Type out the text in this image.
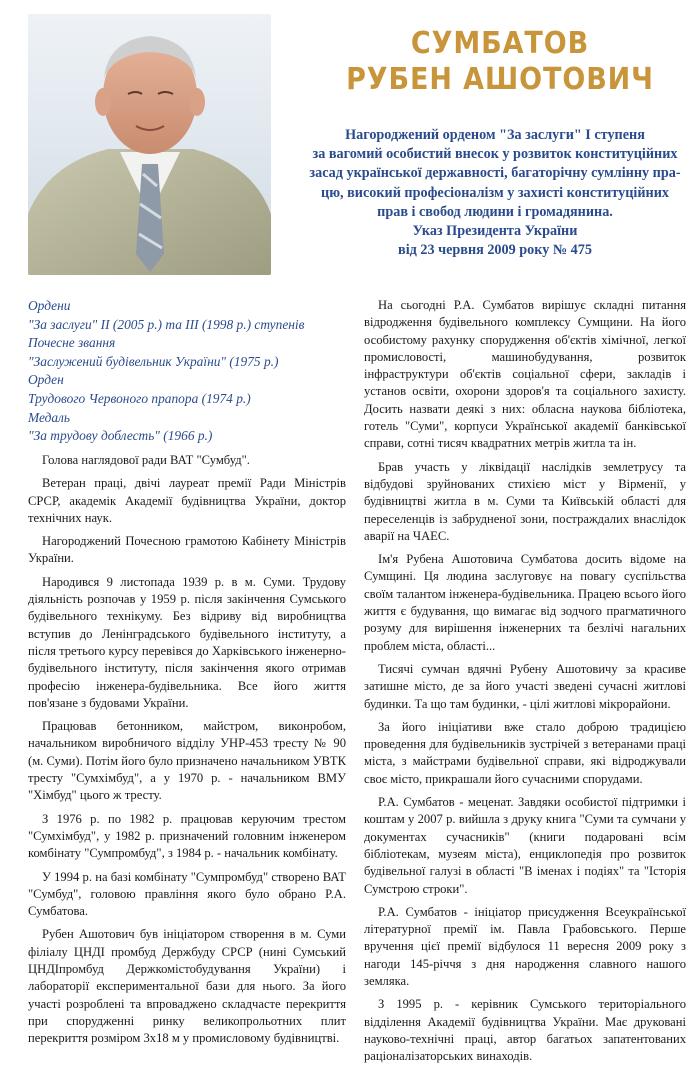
СУМБАТОВ
РУБЕН АШОТОВИЧ
Нагороджений орденом "За заслуги" I ступеня
за вагомий особистий внесок у розвиток конституційних
засад української державності, багаторічну сумлінну пра-
цю, високий професіоналізм у захисті конституційних
прав і свобод людини і громадянина.
Указ Президента України
від 23 червня 2009 року № 475
Ордени
"За заслуги" II (2005 р.) та III (1998 р.) ступенів
Почесне звання
"Заслужений будівельник України" (1975 р.)
Орден
Трудового Червоного прапора (1974 р.)
Медаль
"За трудову доблесть" (1966 р.)

Голова наглядової ради ВАТ "Сумбуд".

Ветеран праці, двічі лауреат премії Ради Міністрів СРСР, академік Академії будівництва України, доктор технічних наук.

Нагороджений Почесною грамотою Кабінету Міністрів України.

Народився 9 листопада 1939 р. в м. Суми. Трудову діяльність розпочав у 1959 р. після закінчення Сумського будівельного технікуму. Без відриву від виробництва вступив до Ленінградського будівельного інституту, а після третього курсу перевівся до Харківського інженерно-будівельного інституту, після закінчення якого отримав професію інженера-будівельника. Все його життя пов'язане з будовами України.

Працював бетонником, майстром, виконробом, начальником виробничого відділу УНР-453 тресту № 90 (м. Суми). Потім його було призначено начальником УВТК тресту "Сумхімбуд", а у 1970 р. - начальником ВМУ "Хімбуд" цього ж тресту.

З 1976 р. по 1982 р. працював керуючим трестом "Сумхімбуд", у 1982 р. призначений головним інженером комбінату "Сумпромбуд", з 1984 р. - начальник комбінату.

У 1994 р. на базі комбінату "Сумпромбуд" створено ВАТ "Сумбуд", головою правління якого було обрано Р.А. Сумбатова.

Рубен Ашотович був ініціатором створення в м. Суми філіалу ЦНДІ промбуд Держбуду СРСР (нині Сумський ЦНДІпромбуд Держкомістобудування України) і лабораторії експериментальної бази для нього. За його участі розроблені та впроваджено складчасте перекриття при спорудженні ринку великопрольотних плит перекриття розміром 3х18 м у промисловому будівництві.

На сьогодні Р.А. Сумбатов вирішує складні питання відродження будівельного комплексу Сумщини. На його особистому рахунку спорудження об'єктів хімічної, легкої промисловості, машинобудування, розвиток інфраструктури об'єктів соціальної сфери, закладів і установ освіти, охорони здоров'я та соціального захисту. Досить назвати деякі з них: обласна наукова бібліотека, готель "Суми", корпуси Української академії банківської справи, сотні тисяч квадратних метрів житла та ін.

Брав участь у ліквідації наслідків землетрусу та відбудові зруйнованих стихією міст у Вірменії, у будівництві житла в м. Суми та Київській області для переселенців із забрудненої зони, постраждалих внаслідок аварії на ЧАЕС.

Ім'я Рубена Ашотовича Сумбатова досить відоме на Сумщині. Ця людина заслуговує на повагу суспільства своїм талантом інженера-будівельника. Працею всього його життя є будування, що вимагає від зодчого прагматичного розуму для вирішення інженерних та безлічі нагальних проблем міста, області...

Тисячі сумчан вдячні Рубену Ашотовичу за красиве затишне місто, де за його участі зведені сучасні житлові будинки. Та що там будинки, - цілі житлові мікрорайони.

За його ініціативи вже стало доброю традицією проведення для будівельників зустрічей з ветеранами праці міста, з майстрами будівельної справи, які відроджували своє місто, прикрашали його сучасними спорудами.

Р.А. Сумбатов - меценат. Завдяки особистої підтримки і коштам у 2007 р. вийшла з друку книга "Суми та сумчани у документах сучасників" (книги подаровані всім бібліотекам, музеям міста), енциклопедія про розвиток будівельної галузі в області "В іменах і подіях" та "Історія Сумстрою строки".

Р.А. Сумбатов - ініціатор присудження Всеукраїнської літературної премії ім. Павла Грабовського. Перше вручення цієї премії відбулося 11 вересня 2009 року з нагоди 145-річчя з дня народження славного нашого земляка.

З 1995 р. - керівник Сумського територіального відділення Академії будівництва України. Має друковані науково-технічні праці, автор багатьох запатентованих раціоналізаторських винаходів.
